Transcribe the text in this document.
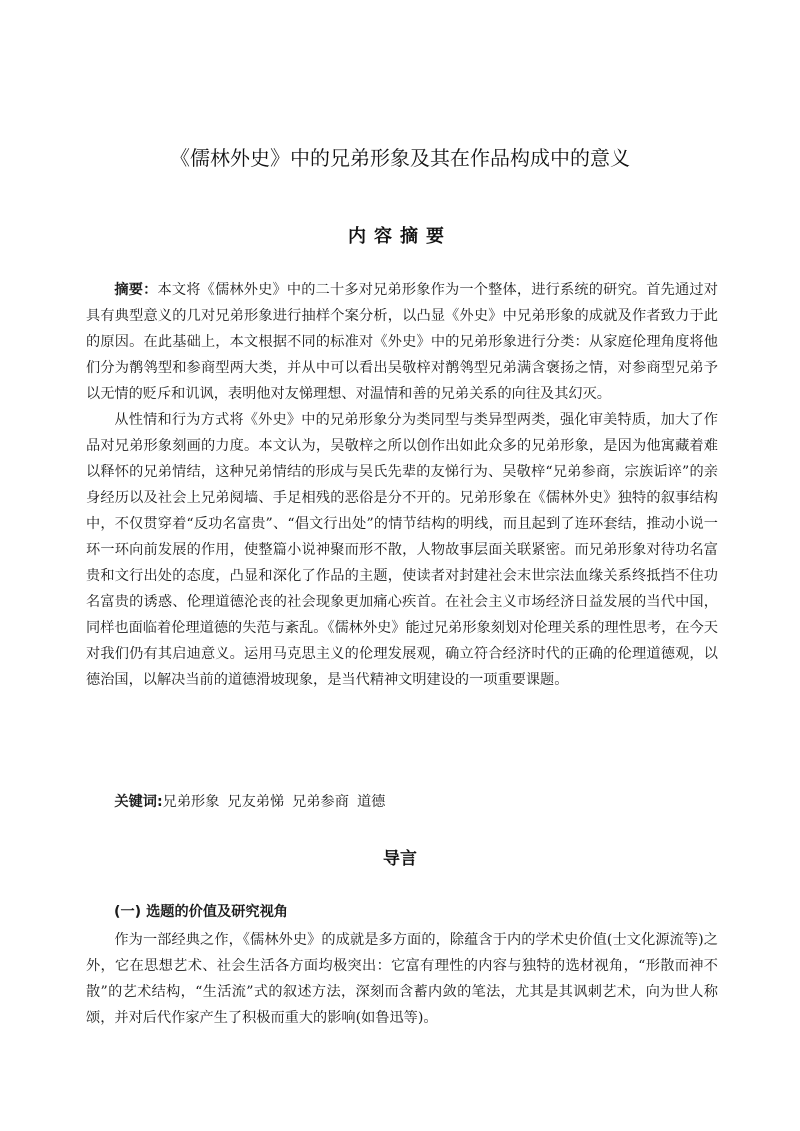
《儒林外史》中的兄弟形象及其在作品构成中的意义
内容摘要

摘要：本文将《儒林外史》中的二十多对兄弟形象作为一个整体，进行系统的研究。首先通过对具有典型意义的几对兄弟形象进行抽样个案分析，以凸显《外史》中兄弟形象的成就及作者致力于此的原因。在此基础上，本文根据不同的标准对《外史》中的兄弟形象进行分类：从家庭伦理角度将他们分为鹡鸰型和参商型两大类，并从中可以看出吴敬梓对鹡鸰型兄弟满含褒扬之情，对参商型兄弟予以无情的贬斥和讥讽，表明他对友悌理想、对温情和善的兄弟关系的向往及其幻灭。

从性情和行为方式将《外史》中的兄弟形象分为类同型与类异型两类，强化审美特质，加大了作品对兄弟形象刻画的力度。本文认为，吴敬梓之所以创作出如此众多的兄弟形象，是因为他寓藏着难以释怀的兄弟情结，这种兄弟情结的形成与吴氏先辈的友悌行为、吴敬梓“兄弟参商，宗族诟谇”的亲身经历以及社会上兄弟阋墙、手足相残的恶俗是分不开的。兄弟形象在《儒林外史》独特的叙事结构中，不仅贯穿着“反功名富贵”、“倡文行出处”的情节结构的明线，而且起到了连环套结，推动小说一环一环向前发展的作用，使整篇小说神聚而形不散，人物故事层面关联紧密。而兄弟形象对待功名富贵和文行出处的态度，凸显和深化了作品的主题，使读者对封建社会末世宗法血缘关系终抵挡不住功名富贵的诱惑、伦理道德沦丧的社会现象更加痛心疾首。在社会主义市场经济日益发展的当代中国，同样也面临着伦理道德的失范与紊乱。《儒林外史》能过兄弟形象刻划对伦理关系的理性思考，在今天对我们仍有其启迪意义。运用马克思主义的伦理发展观，确立符合经济时代的正确的伦理道德观，以德治国，以解决当前的道德滑坡现象，是当代精神文明建设的一项重要课题。

关键词:兄弟形象 兄友弟悌 兄弟参商 道德
导言
(一) 选题的价值及研究视角

作为一部经典之作，《儒林外史》的成就是多方面的，除蕴含于内的学术史价值(士文化源流等)之外，它在思想艺术、社会生活各方面均极突出：它富有理性的内容与独特的选材视角，“形散而神不散”的艺术结构，“生活流”式的叙述方法，深刻而含蓄内敛的笔法，尤其是其讽刺艺术，向为世人称颂，并对后代作家产生了积极而重大的影响(如鲁迅等)。
